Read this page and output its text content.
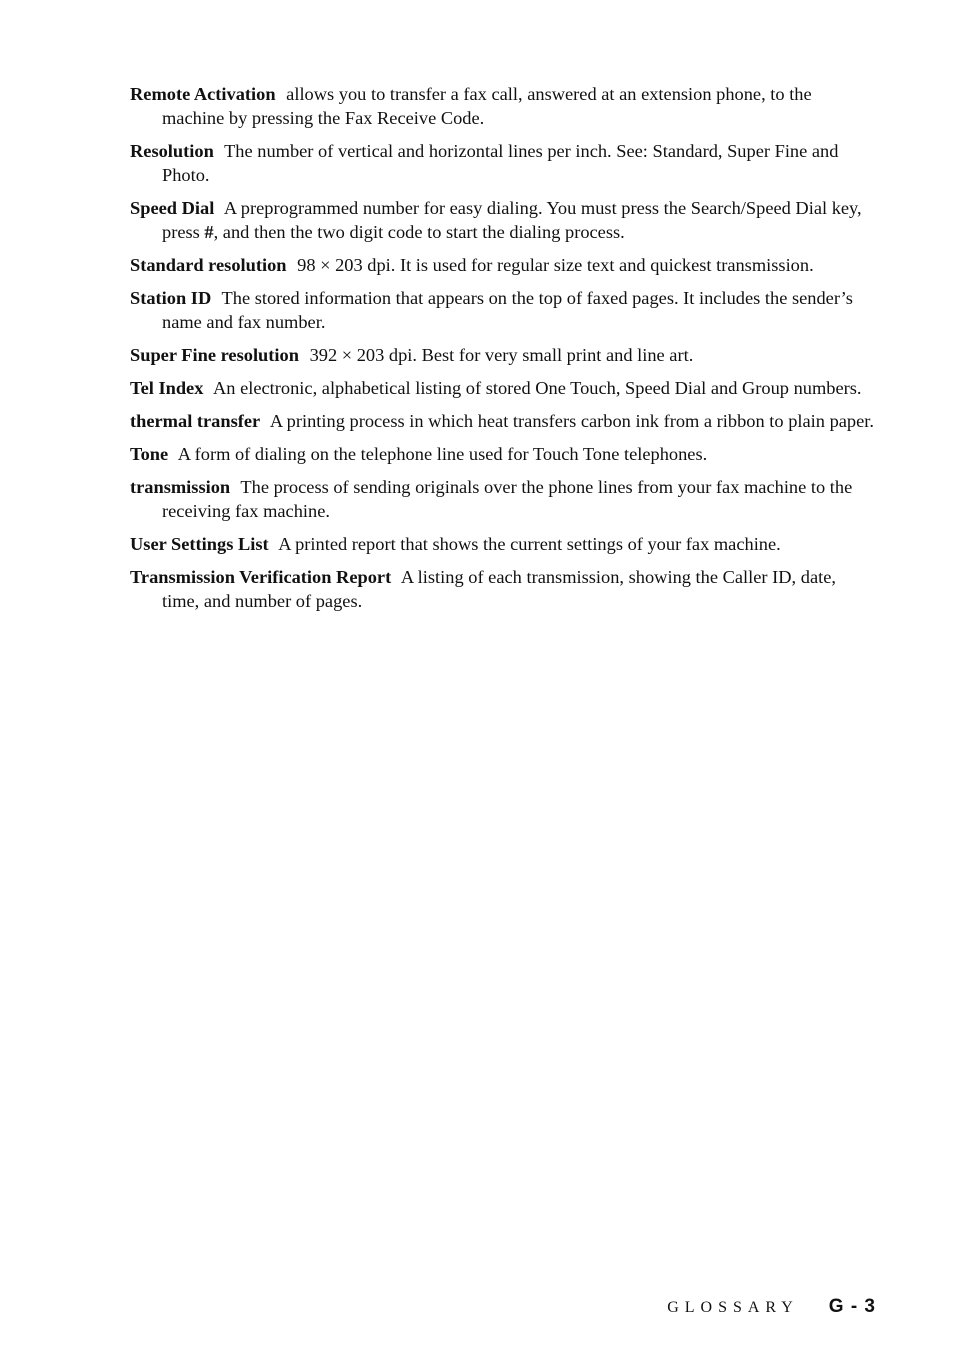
Remote Activation allows you to transfer a fax call, answered at an extension phone, to the machine by pressing the Fax Receive Code.

Resolution The number of vertical and horizontal lines per inch. See: Standard, Super Fine and Photo.

Speed Dial A preprogrammed number for easy dialing. You must press the Search/Speed Dial key, press #, and then the two digit code to start the dialing process.

Standard resolution 98 × 203 dpi. It is used for regular size text and quickest transmission.

Station ID The stored information that appears on the top of faxed pages. It includes the sender’s name and fax number.

Super Fine resolution 392 × 203 dpi. Best for very small print and line art.

Tel Index An electronic, alphabetical listing of stored One Touch, Speed Dial and Group numbers.

thermal transfer A printing process in which heat transfers carbon ink from a ribbon to plain paper.

Tone A form of dialing on the telephone line used for Touch Tone telephones.

transmission The process of sending originals over the phone lines from your fax machine to the receiving fax machine.

User Settings List A printed report that shows the current settings of your fax machine.

Transmission Verification Report A listing of each transmission, showing the Caller ID, date, time, and number of pages.

GLOSSARY G - 3
